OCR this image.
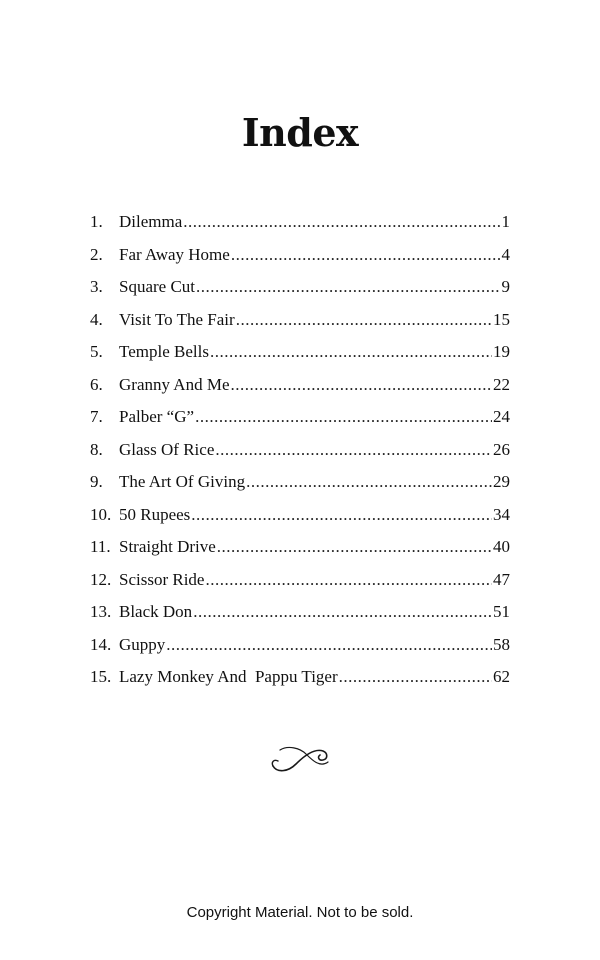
Index
1. Dilemma .....	1
2. Far Away Home .....	4
3. Square Cut .....	9
4. Visit To The Fair .....	15
5. Temple Bells .....	19
6. Granny And Me .....	22
7. Palber “G” .....	24
8. Glass Of Rice .....	26
9. The Art Of Giving .....	29
10. 50 Rupees .....	34
11. Straight Drive .....	40
12. Scissor Ride .....	47
13. Black Don .....	51
14. Guppy .....	58
15. Lazy Monkey And  Pappu Tiger .....	62
Copyright Material. Not to be sold.
